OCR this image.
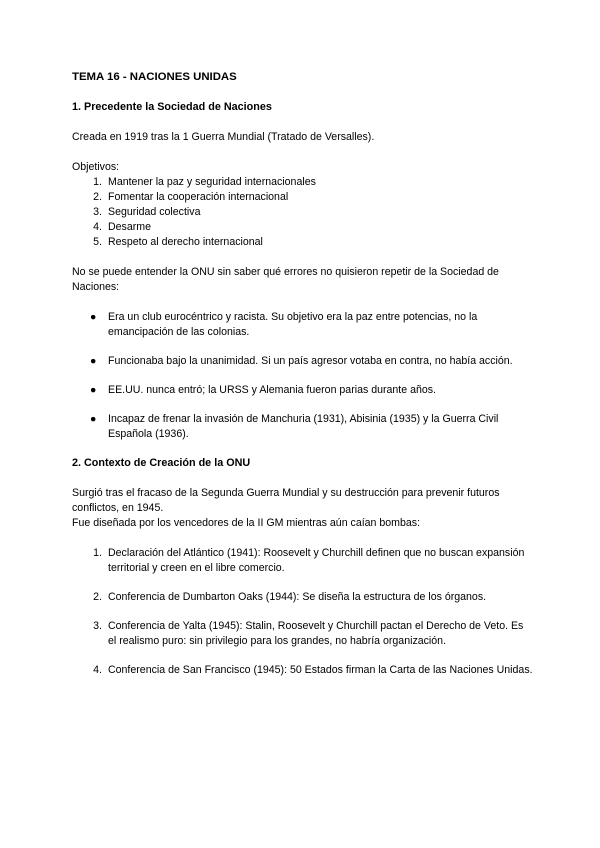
TEMA 16 - NACIONES UNIDAS
1. Precedente la Sociedad de Naciones

Creada en 1919 tras la 1 Guerra Mundial (Tratado de Versalles).

Objetivos:

1. Mantener la paz y seguridad internacionales
2. Fomentar la cooperación internacional
3. Seguridad colectiva
4. Desarme
5. Respeto al derecho internacional

No se puede entender la ONU sin saber qué errores no quisieron repetir de la Sociedad de Naciones:

● Era un club eurocéntrico y racista. Su objetivo era la paz entre potencias, no la emancipación de las colonias.
● Funcionaba bajo la unanimidad. Si un país agresor votaba en contra, no había acción.
● EE.UU. nunca entró; la URSS y Alemania fueron parias durante años.
● Incapaz de frenar la invasión de Manchuria (1931), Abisinia (1935) y la Guerra Civil Española (1936).
2. Contexto de Creación de la ONU

Surgió tras el fracaso de la Segunda Guerra Mundial y su destrucción para prevenir futuros conflictos, en 1945.

Fue diseñada por los vencedores de la II GM mientras aún caían bombas:

1. Declaración del Atlántico (1941): Roosevelt y Churchill definen que no buscan expansión territorial y creen en el libre comercio.
2. Conferencia de Dumbarton Oaks (1944): Se diseña la estructura de los órganos.
3. Conferencia de Yalta (1945): Stalin, Roosevelt y Churchill pactan el Derecho de Veto. Es el realismo puro: sin privilegio para los grandes, no habría organización.
4. Conferencia de San Francisco (1945): 50 Estados firman la Carta de las Naciones Unidas.
